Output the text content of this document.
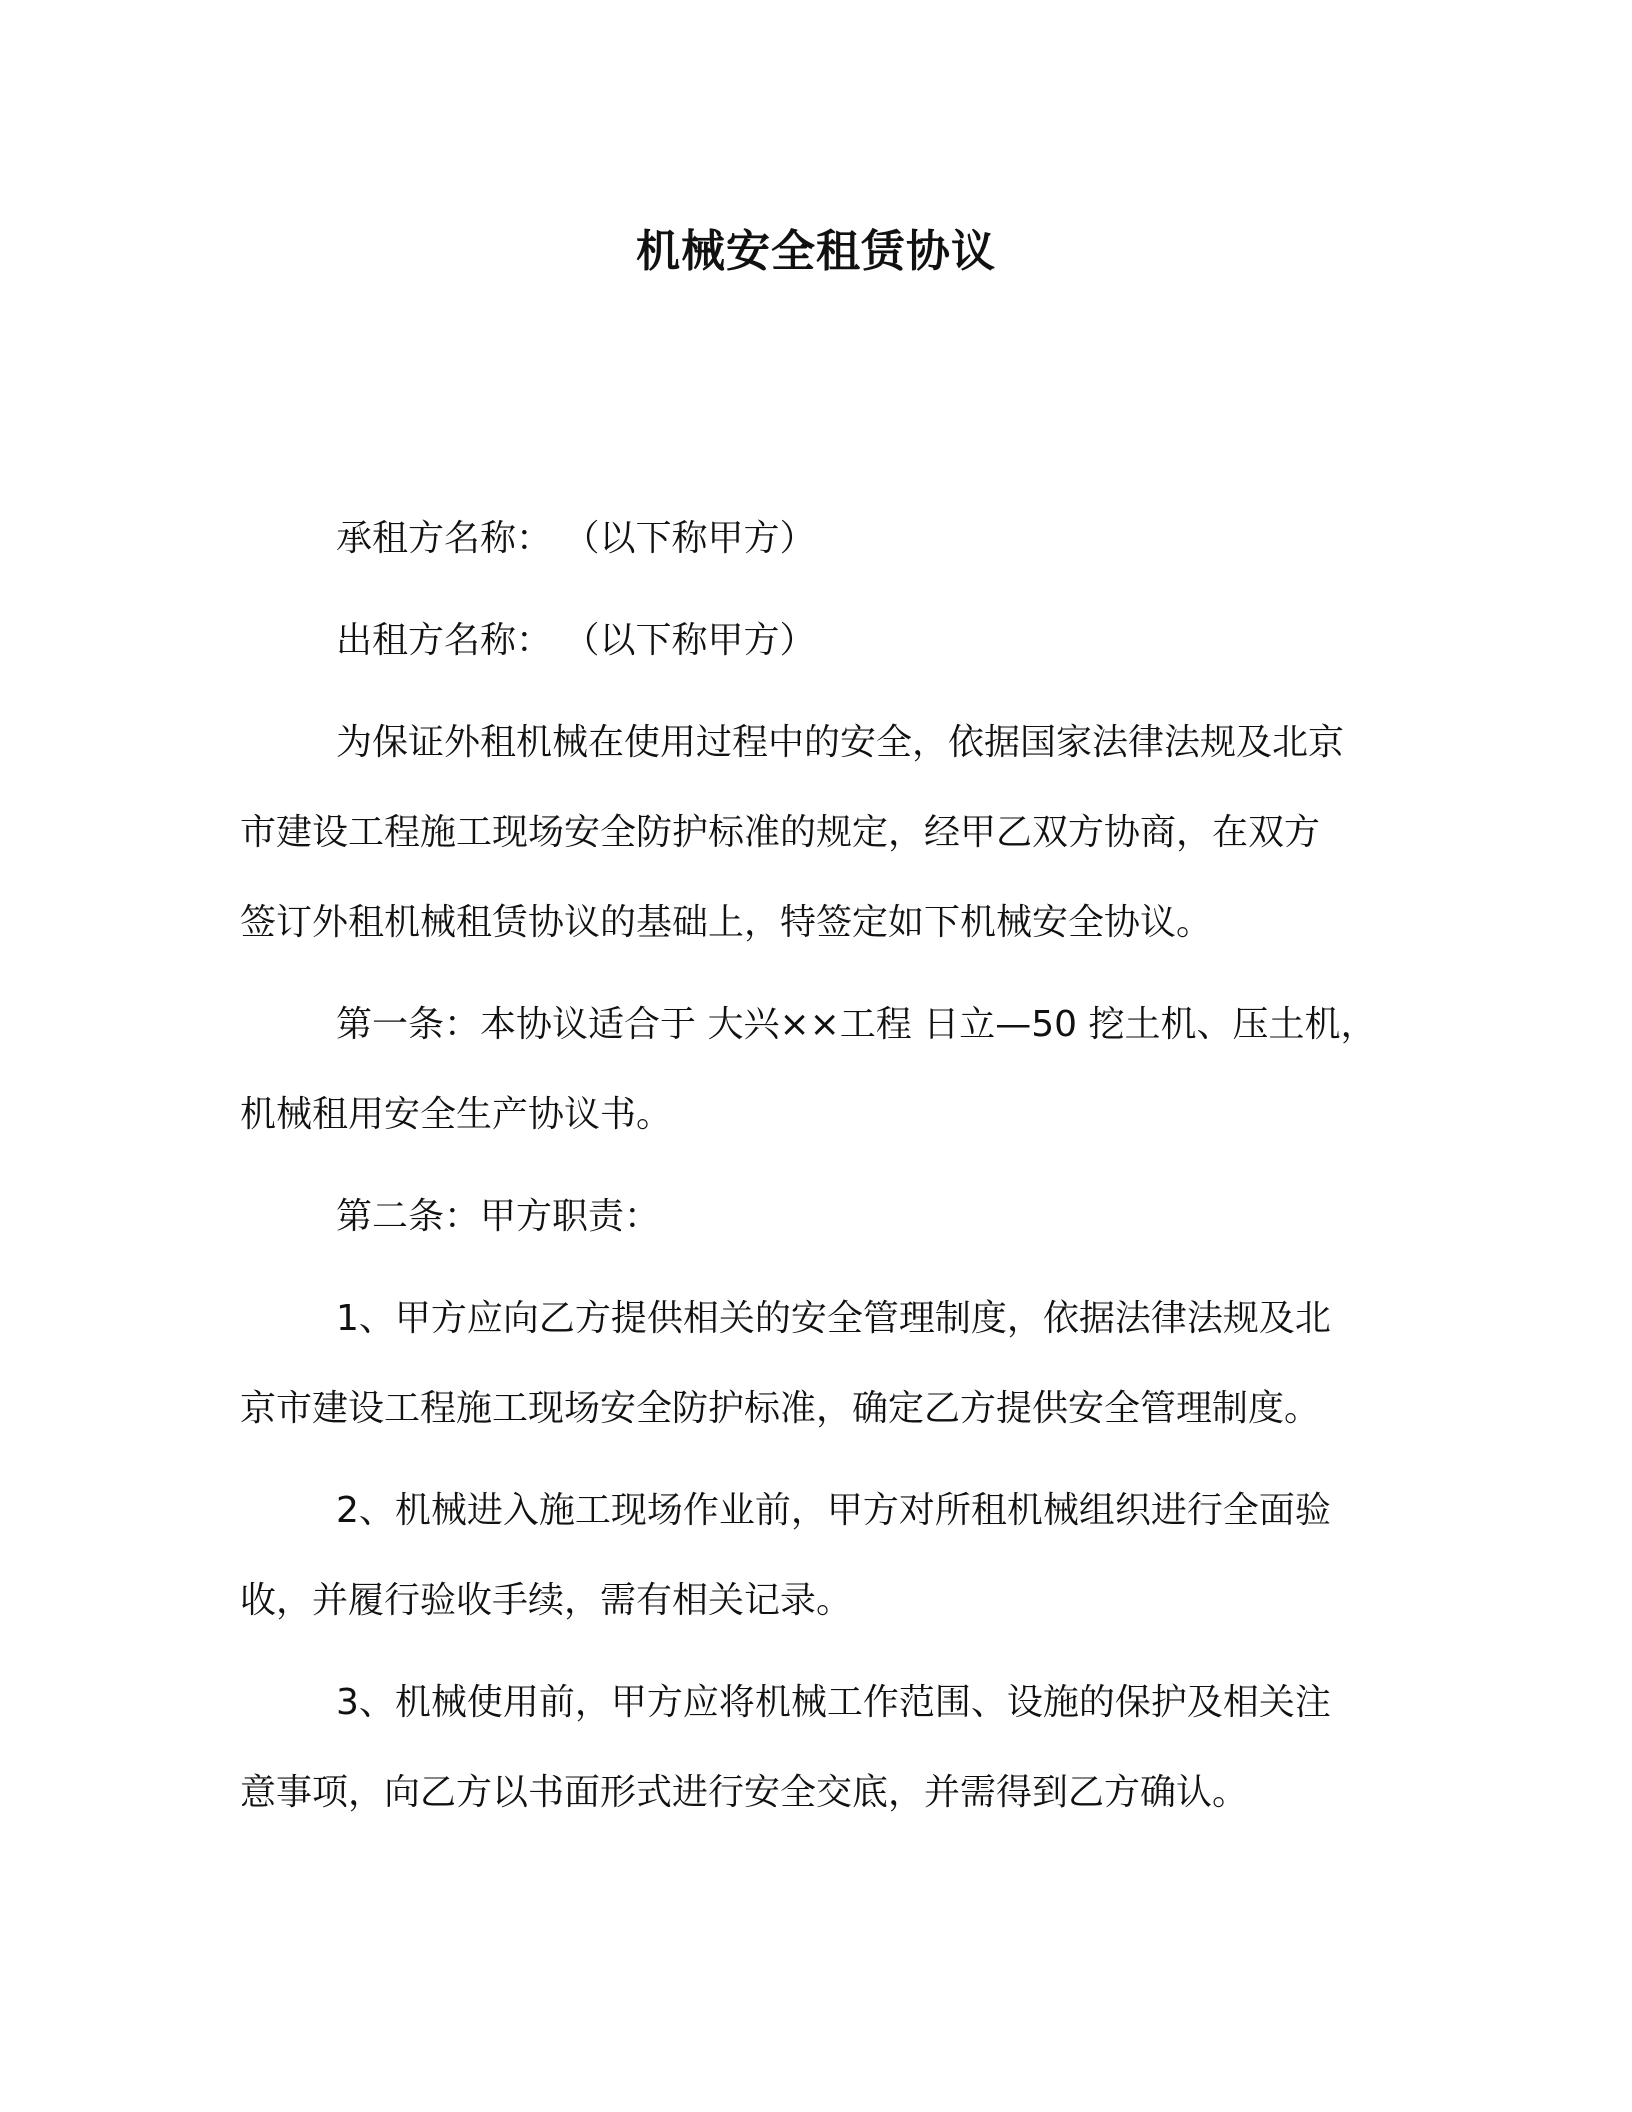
机械安全租赁协议

承租方名称： （以下称甲方）

出租方名称： （以下称甲方）

为保证外租机械在使用过程中的安全，依据国家法律法规及北京
市建设工程施工现场安全防护标准的规定，经甲乙双方协商，在双方
签订外租机械租赁协议的基础上，特签定如下机械安全协议。

第一条：本协议适合于 大兴××工程 日立—50 挖土机、压土机，
机械租用安全生产协议书。

第二条：甲方职责：

1、甲方应向乙方提供相关的安全管理制度，依据法律法规及北
京市建设工程施工现场安全防护标准，确定乙方提供安全管理制度。

2、机械进入施工现场作业前，甲方对所租机械组织进行全面验
收，并履行验收手续，需有相关记录。

3、机械使用前，甲方应将机械工作范围、设施的保护及相关注
意事项，向乙方以书面形式进行安全交底，并需得到乙方确认。
